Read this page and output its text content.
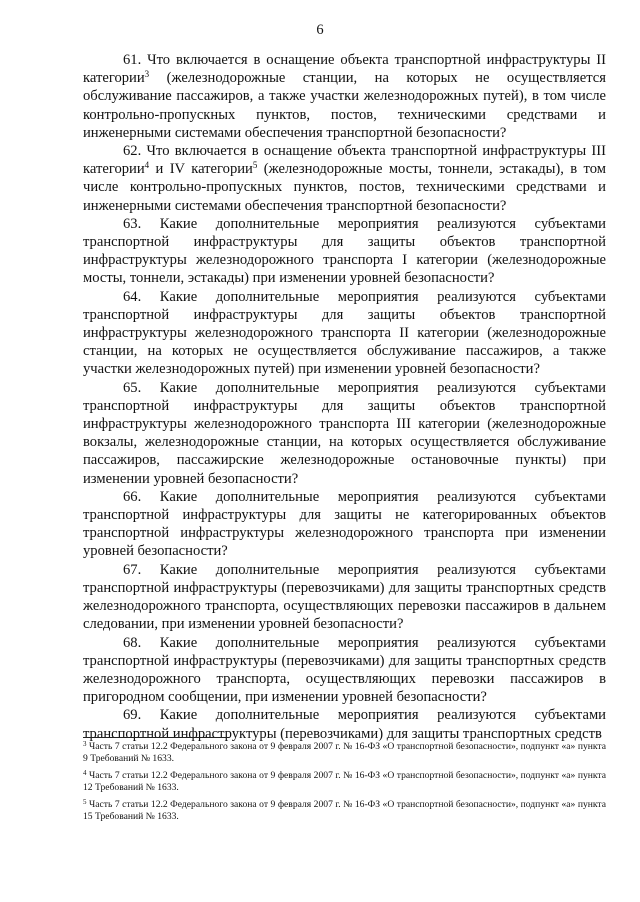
6

61. Что включается в оснащение объекта транспортной инфраструктуры II категории$^3$ (железнодорожные станции, на которых не осуществляется обслуживание пассажиров, а также участки железнодорожных путей), в том числе контрольно-пропускных пунктов, постов, техническими средствами и инженерными системами обеспечения транспортной безопасности?

62. Что включается в оснащение объекта транспортной инфраструктуры III категории$^4$ и IV категории$^5$ (железнодорожные мосты, тоннели, эстакады), в том числе контрольно-пропускных пунктов, постов, техническими средствами и инженерными системами обеспечения транспортной безопасности?

63. Какие дополнительные мероприятия реализуются субъектами транспортной инфраструктуры для защиты объектов транспортной инфраструктуры железнодорожного транспорта I категории (железнодорожные мосты, тоннели, эстакады) при изменении уровней безопасности?

64. Какие дополнительные мероприятия реализуются субъектами транспортной инфраструктуры для защиты объектов транспортной инфраструктуры железнодорожного транспорта II категории (железнодорожные станции, на которых не осуществляется обслуживание пассажиров, а также участки железнодорожных путей) при изменении уровней безопасности?

65. Какие дополнительные мероприятия реализуются субъектами транспортной инфраструктуры для защиты объектов транспортной инфраструктуры железнодорожного транспорта III категории (железнодорожные вокзалы, железнодорожные станции, на которых осуществляется обслуживание пассажиров, пассажирские железнодорожные остановочные пункты) при изменении уровней безопасности?

66. Какие дополнительные мероприятия реализуются субъектами транспортной инфраструктуры для защиты не категорированных объектов транспортной инфраструктуры железнодорожного транспорта при изменении уровней безопасности?

67. Какие дополнительные мероприятия реализуются субъектами транспортной инфраструктуры (перевозчиками) для защиты транспортных средств железнодорожного транспорта, осуществляющих перевозки пассажиров в дальнем следовании, при изменении уровней безопасности?

68. Какие дополнительные мероприятия реализуются субъектами транспортной инфраструктуры (перевозчиками) для защиты транспортных средств железнодорожного транспорта, осуществляющих перевозки пассажиров в пригородном сообщении, при изменении уровней безопасности?

69. Какие дополнительные мероприятия реализуются субъектами транспортной инфраструктуры (перевозчиками) для защиты транспортных средств

$^3$ Часть 7 статьи 12.2 Федерального закона от 9 февраля 2007 г. № 16-ФЗ «О транспортной безопасности», подпункт «а» пункта 9 Требований № 1633.
$^4$ Часть 7 статьи 12.2 Федерального закона от 9 февраля 2007 г. № 16-ФЗ «О транспортной безопасности», подпункт «а» пункта 12 Требований № 1633.
$^5$ Часть 7 статьи 12.2 Федерального закона от 9 февраля 2007 г. № 16-ФЗ «О транспортной безопасности», подпункт «а» пункта 15 Требований № 1633.
